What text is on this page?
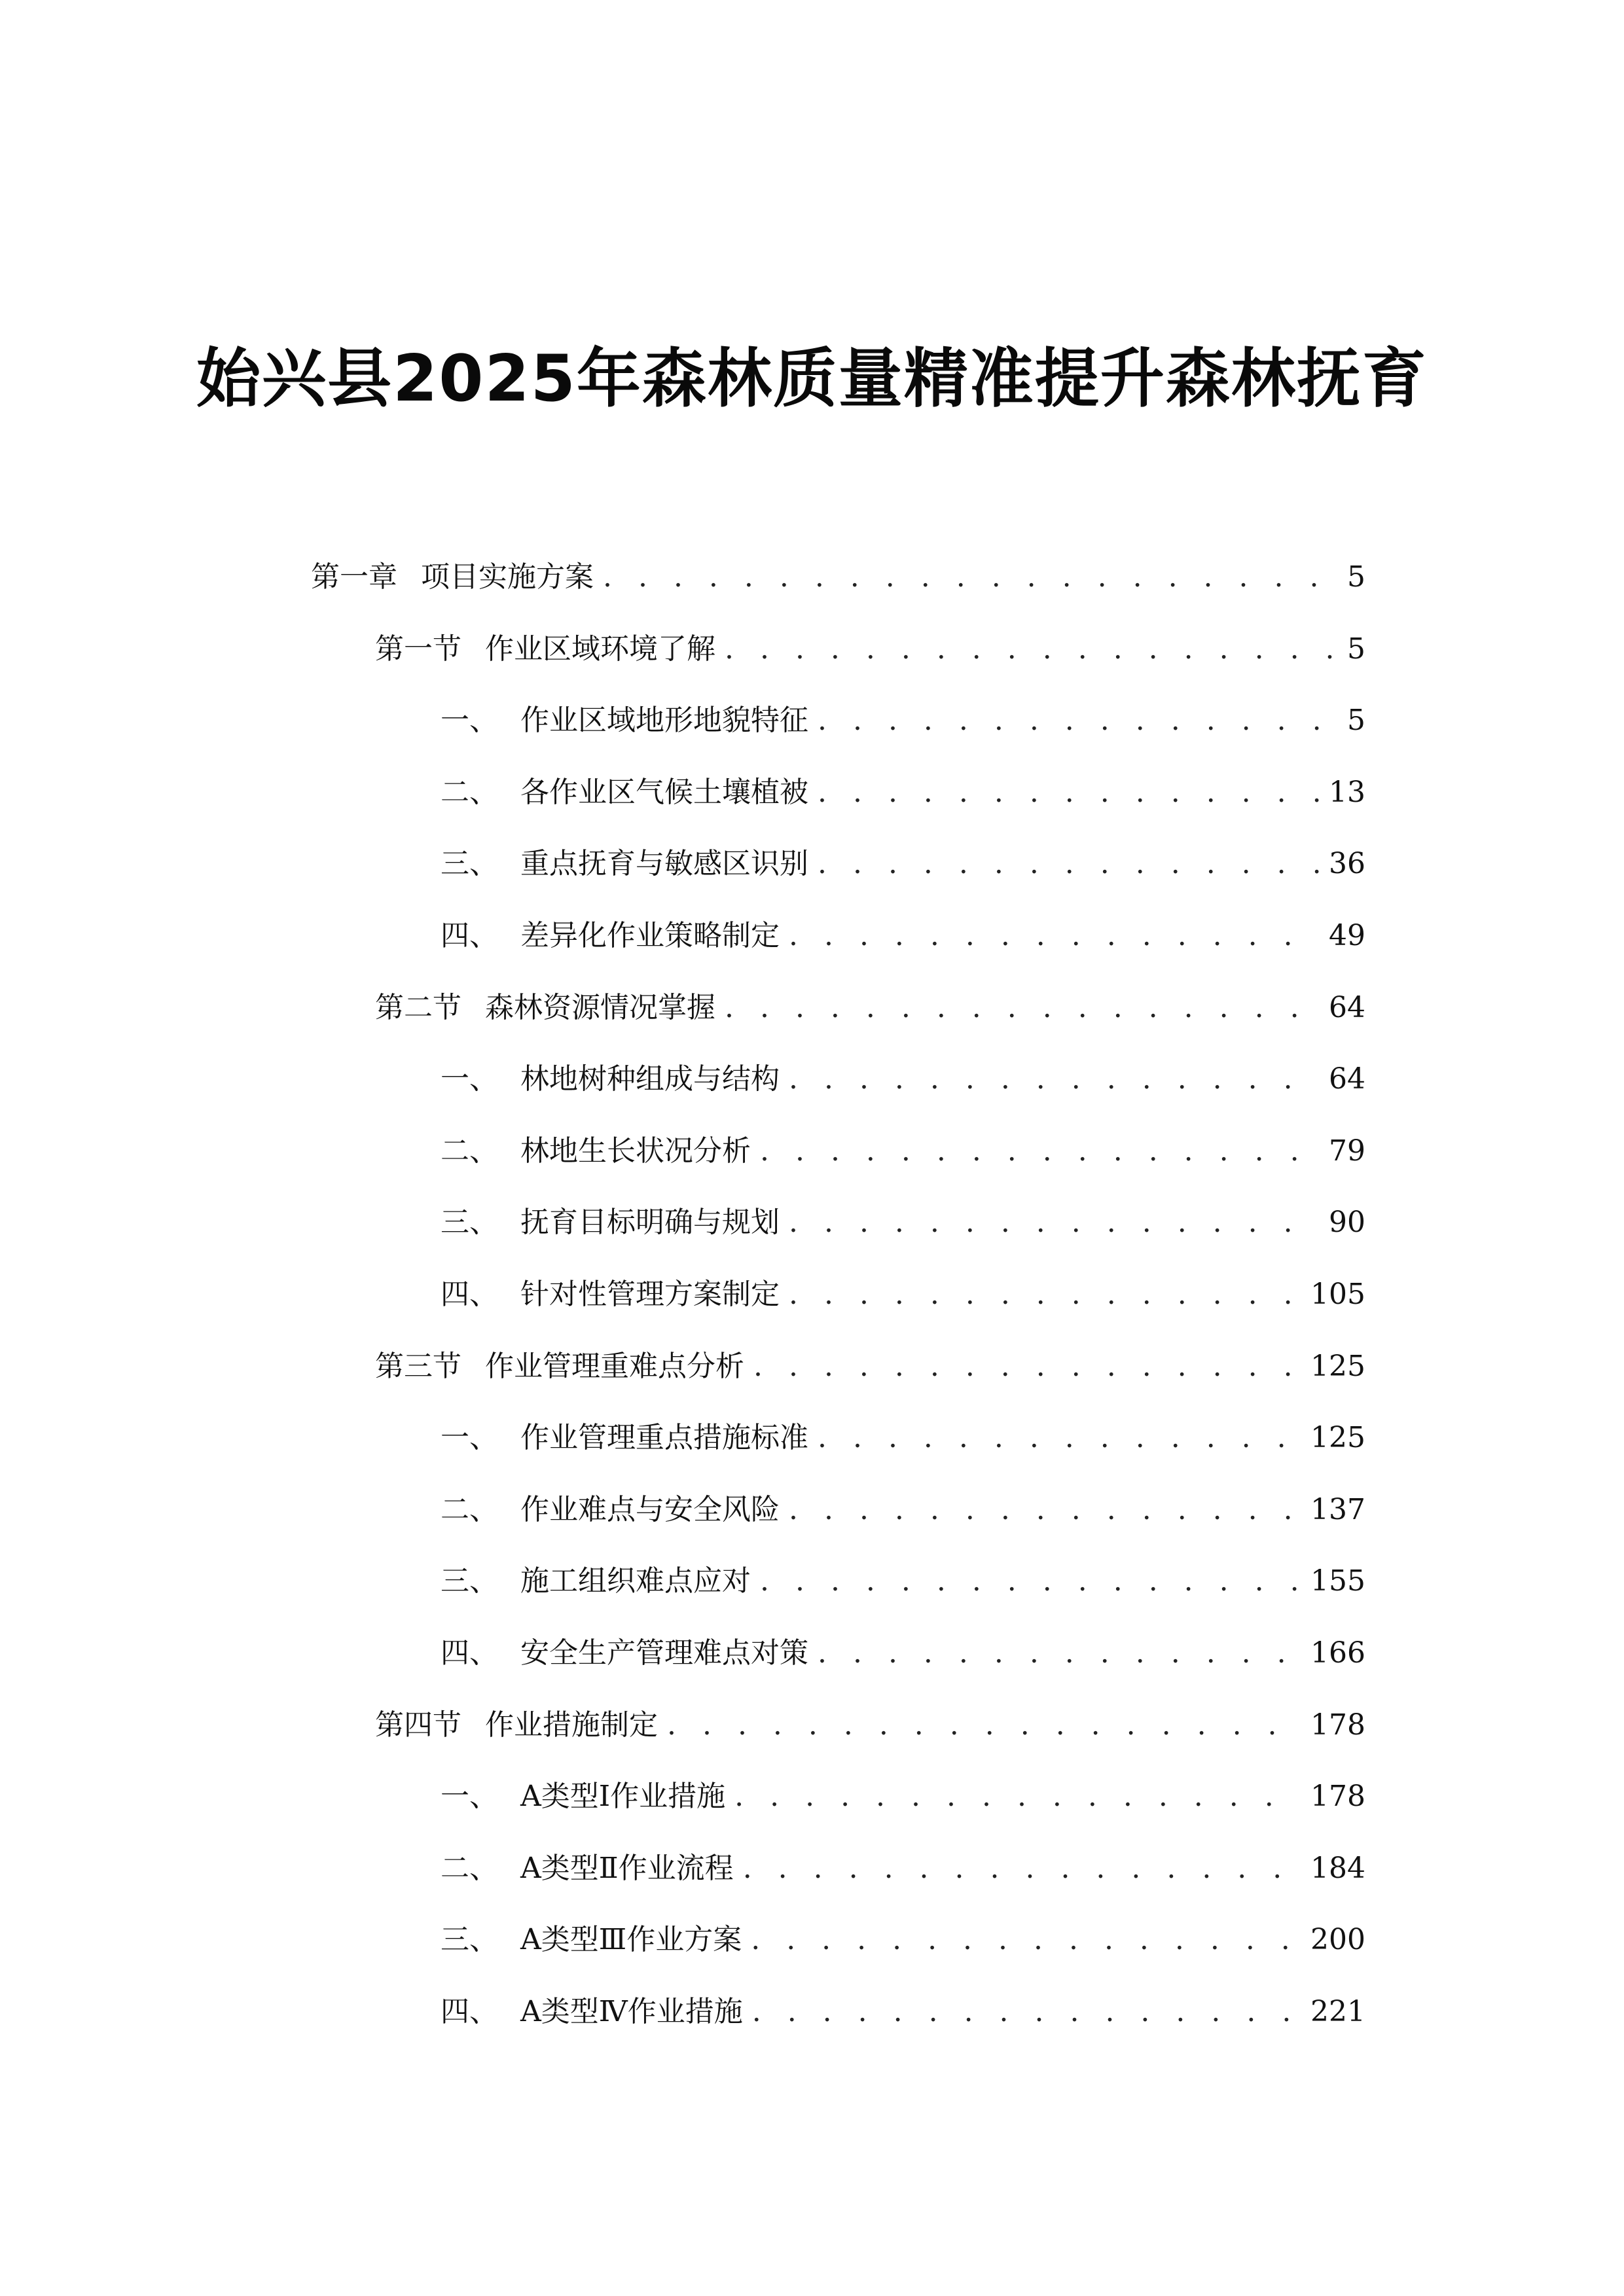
始兴县2025年森林质量精准提升森林抚育
第一章 项目实施方案 . . .	5
第一节 作业区域环境了解 . . .	5
一、 作业区域地形地貌特征 . . .	5
二、 各作业区气候土壤植被 . . .	13
三、 重点抚育与敏感区识别 . . .	36
四、 差异化作业策略制定 . . .	49
第二节 森林资源情况掌握 . . .	64
一、 林地树种组成与结构 . . .	64
二、 林地生长状况分析 . . .	79
三、 抚育目标明确与规划 . . .	90
四、 针对性管理方案制定 . . .	105
第三节 作业管理重难点分析 . . .	125
一、 作业管理重点措施标准 . . .	125
二、 作业难点与安全风险 . . .	137
三、 施工组织难点应对 . . .	155
四、 安全生产管理难点对策 . . .	166
第四节 作业措施制定 . . .	178
一、 A类型Ⅰ作业措施 . . .	178
二、 A类型Ⅱ作业流程 . . .	184
三、 A类型Ⅲ作业方案 . . .	200
四、 A类型Ⅳ作业措施 . . .	221
